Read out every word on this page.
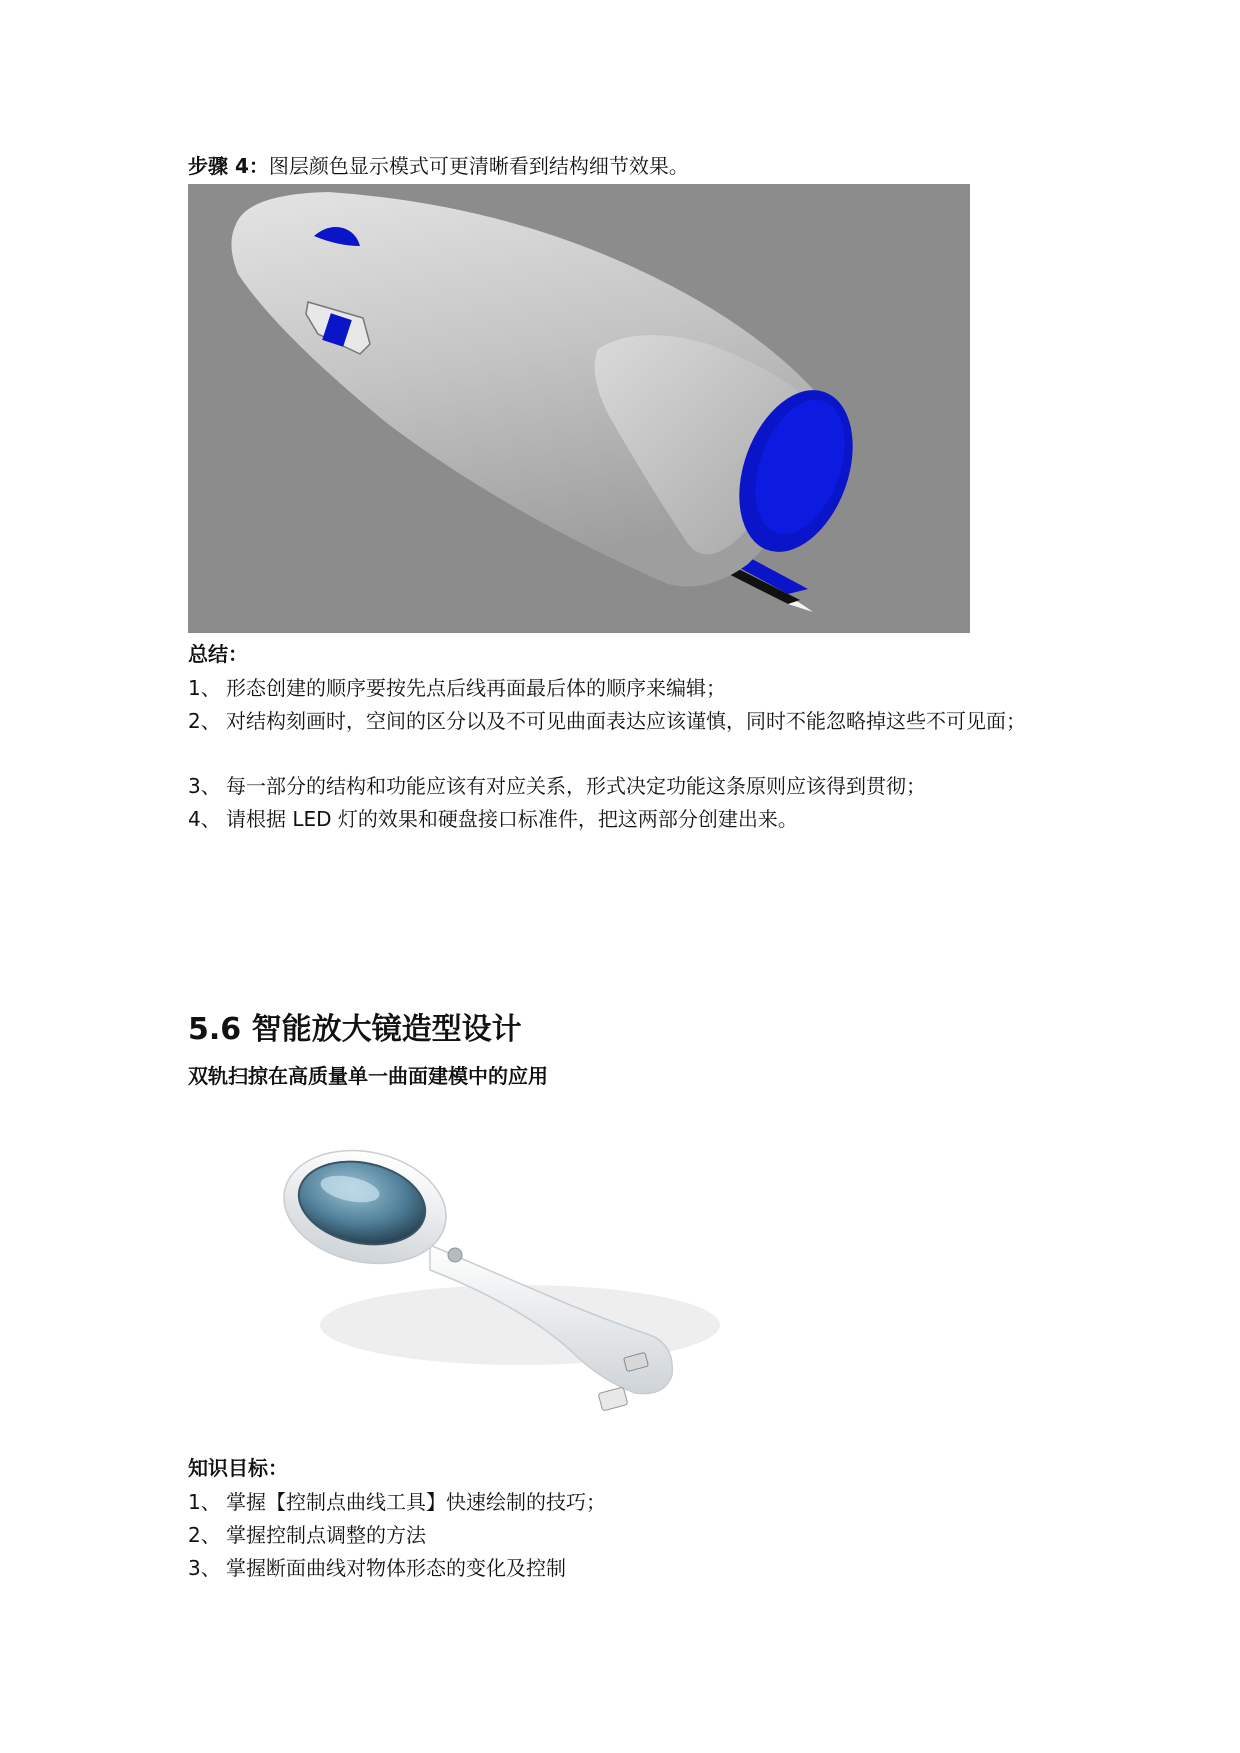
步骤 4：图层颜色显示模式可更清晰看到结构细节效果。
总结：
1、 形态创建的顺序要按先点后线再面最后体的顺序来编辑；
2、 对结构刻画时，空间的区分以及不可见曲面表达应该谨慎，同时不能忽略掉这些不可见面；
3、 每一部分的结构和功能应该有对应关系，形式决定功能这条原则应该得到贯彻；
4、 请根据 LED 灯的效果和硬盘接口标准件，把这两部分创建出来。
5.6 智能放大镜造型设计
双轨扫掠在高质量单一曲面建模中的应用
知识目标：
1、 掌握【控制点曲线工具】快速绘制的技巧；
2、 掌握控制点调整的方法
3、 掌握断面曲线对物体形态的变化及控制
